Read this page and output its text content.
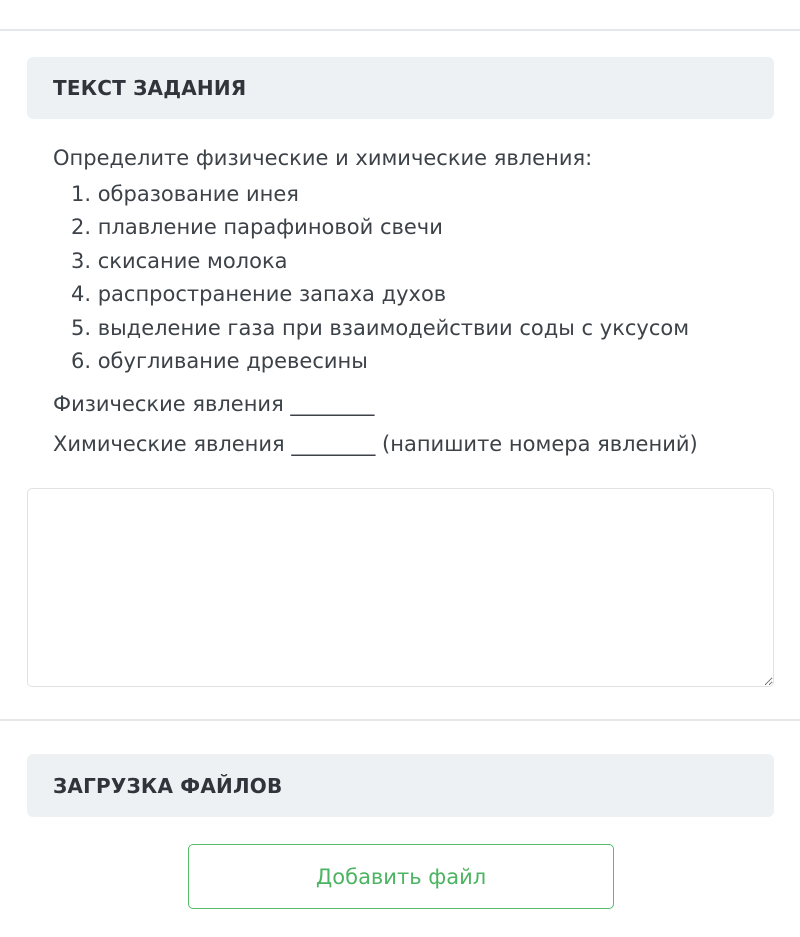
ТЕКСТ ЗАДАНИЯ

Определите физические и химические явления:

1. образование инея
2. плавление парафиновой свечи
3. скисание молока
4. распространение запаха духов
5. выделение газа при взаимодействии соды с уксусом
6. обугливание древесины

Физические явления ________

Химические явления ________ (напишите номера явлений)

ЗАГРУЗКА ФАЙЛОВ
Добавить файл
